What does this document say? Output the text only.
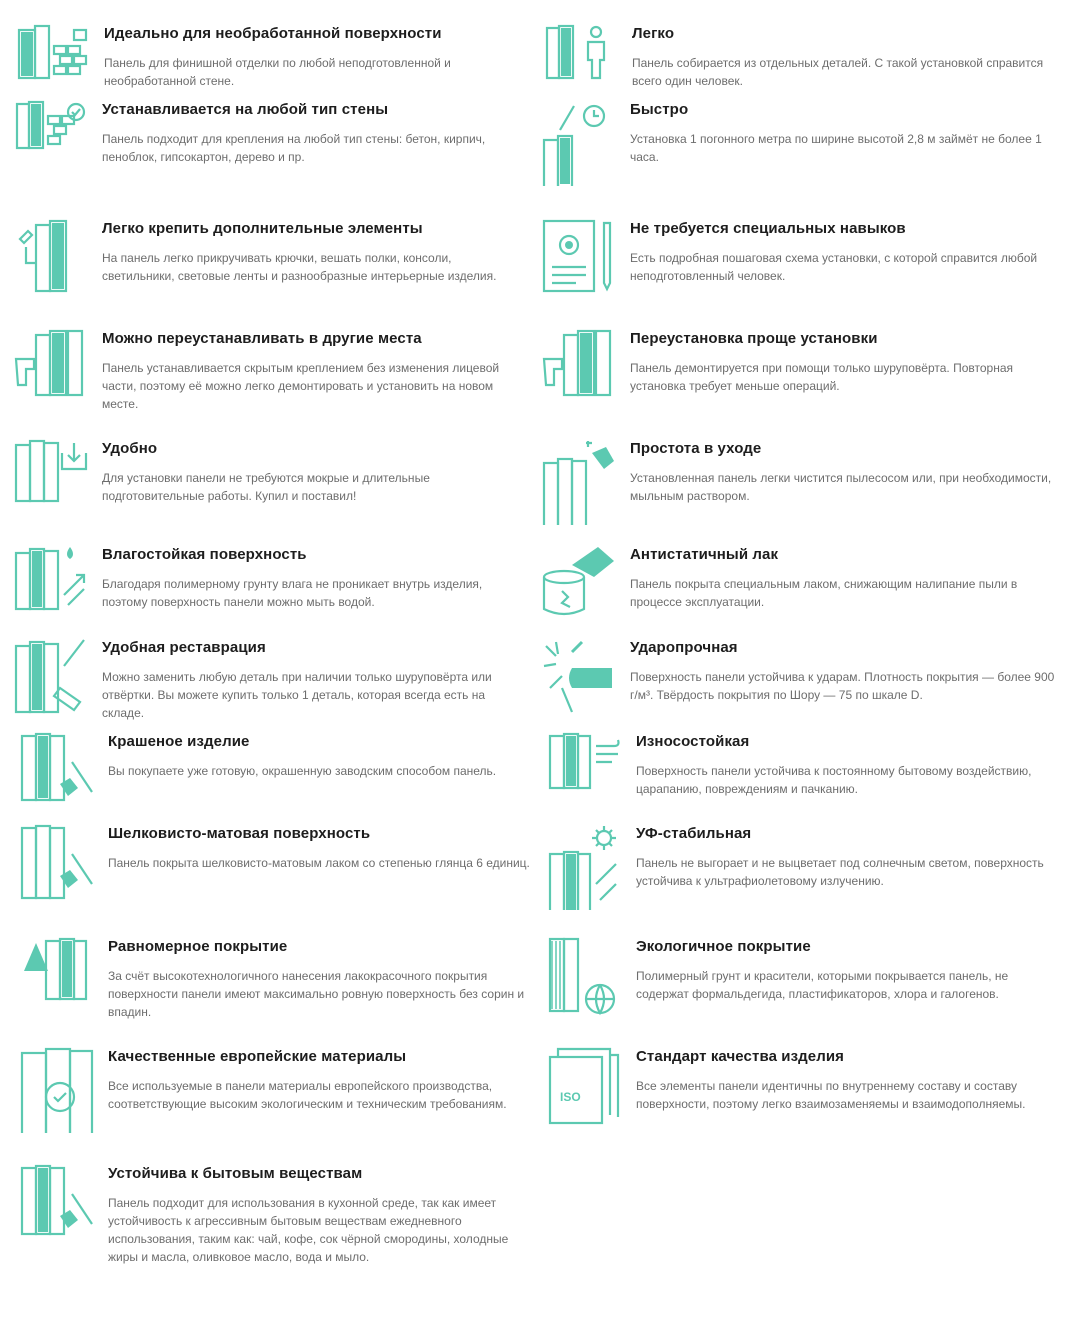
Идеально для необработанной поверхности

Панель для финишной отделки по любой неподготовленной и необработанной стене.

Легко

Панель собирается из отдельных деталей. С такой установкой справится всего один человек.

Устанавливается на любой тип стены

Панель подходит для крепления на любой тип стены: бетон, кирпич, пеноблок, гипсокартон, дерево и пр.

Быстро

Установка 1 погонного метра по ширине высотой 2,8 м займёт не более 1 часа.

Легко крепить дополнительные элементы

На панель легко прикручивать крючки, вешать полки, консоли, светильники, световые ленты и разнообразные интерьерные изделия.

Не требуется специальных навыков

Есть подробная пошаговая схема установки, с которой справится любой неподготовленный человек.

Можно переустанавливать в другие места

Панель устанавливается скрытым креплением без изменения лицевой части, поэтому её можно легко демонтировать и установить на новом месте.

Переустановка проще установки

Панель демонтируется при помощи только шуруповёрта. Повторная установка требует меньше операций.

Удобно

Для установки панели не требуются мокрые и длительные подготовительные работы. Купил и поставил!

Простота в уходе

Установленная панель легки чистится пылесосом или, при необходимости, мыльным раствором.

Влагостойкая поверхность

Благодаря полимерному грунту влага не проникает внутрь изделия, поэтому поверхность панели можно мыть водой.

Антистатичный лак

Панель покрыта специальным лаком, снижающим налипание пыли в процессе эксплуатации.

Удобная реставрация

Можно заменить любую деталь при наличии только шуруповёрта или отвёртки. Вы можете купить только 1 деталь, которая всегда есть на складе.

Ударопрочная

Поверхность панели устойчива к ударам. Плотность покрытия — более 900 г/м³. Твёрдость покрытия по Шору — 75 по шкале D.

Крашеное изделие

Вы покупаете уже готовую, окрашенную заводским способом панель.

Износостойкая

Поверхность панели устойчива к постоянному бытовому воздействию, царапанию, повреждениям и пачканию.

Шелковисто-матовая поверхность

Панель покрыта шелковисто-матовым лаком со степенью глянца 6 единиц.

УФ-стабильная

Панель не выгорает и не выцветает под солнечным светом, поверхность устойчива к ультрафиолетовому излучению.

Равномерное покрытие

За счёт высокотехнологичного нанесения лакокрасочного покрытия поверхности панели имеют максимально ровную поверхность без сорин и впадин.

Экологичное покрытие

Полимерный грунт и красители, которыми покрывается панель, не содержат формальдегида, пластификаторов, хлора и галогенов.

Качественные европейские материалы

Все используемые в панели материалы европейского производства, соответствующие высоким экологическим и техническим требованиям.	ISO
Стандарт качества изделия

Все элементы панели идентичны по внутреннему составу и составу поверхности, поэтому легко взаимозаменяемы и взаимодополняемы.

Устойчива к бытовым веществам

Панель подходит для использования в кухонной среде, так как имеет устойчивость к агрессивным бытовым веществам ежедневного использования, таким как: чай, кофе, сок чёрной смородины, холодные жиры и масла, оливковое масло, вода и мыло.
